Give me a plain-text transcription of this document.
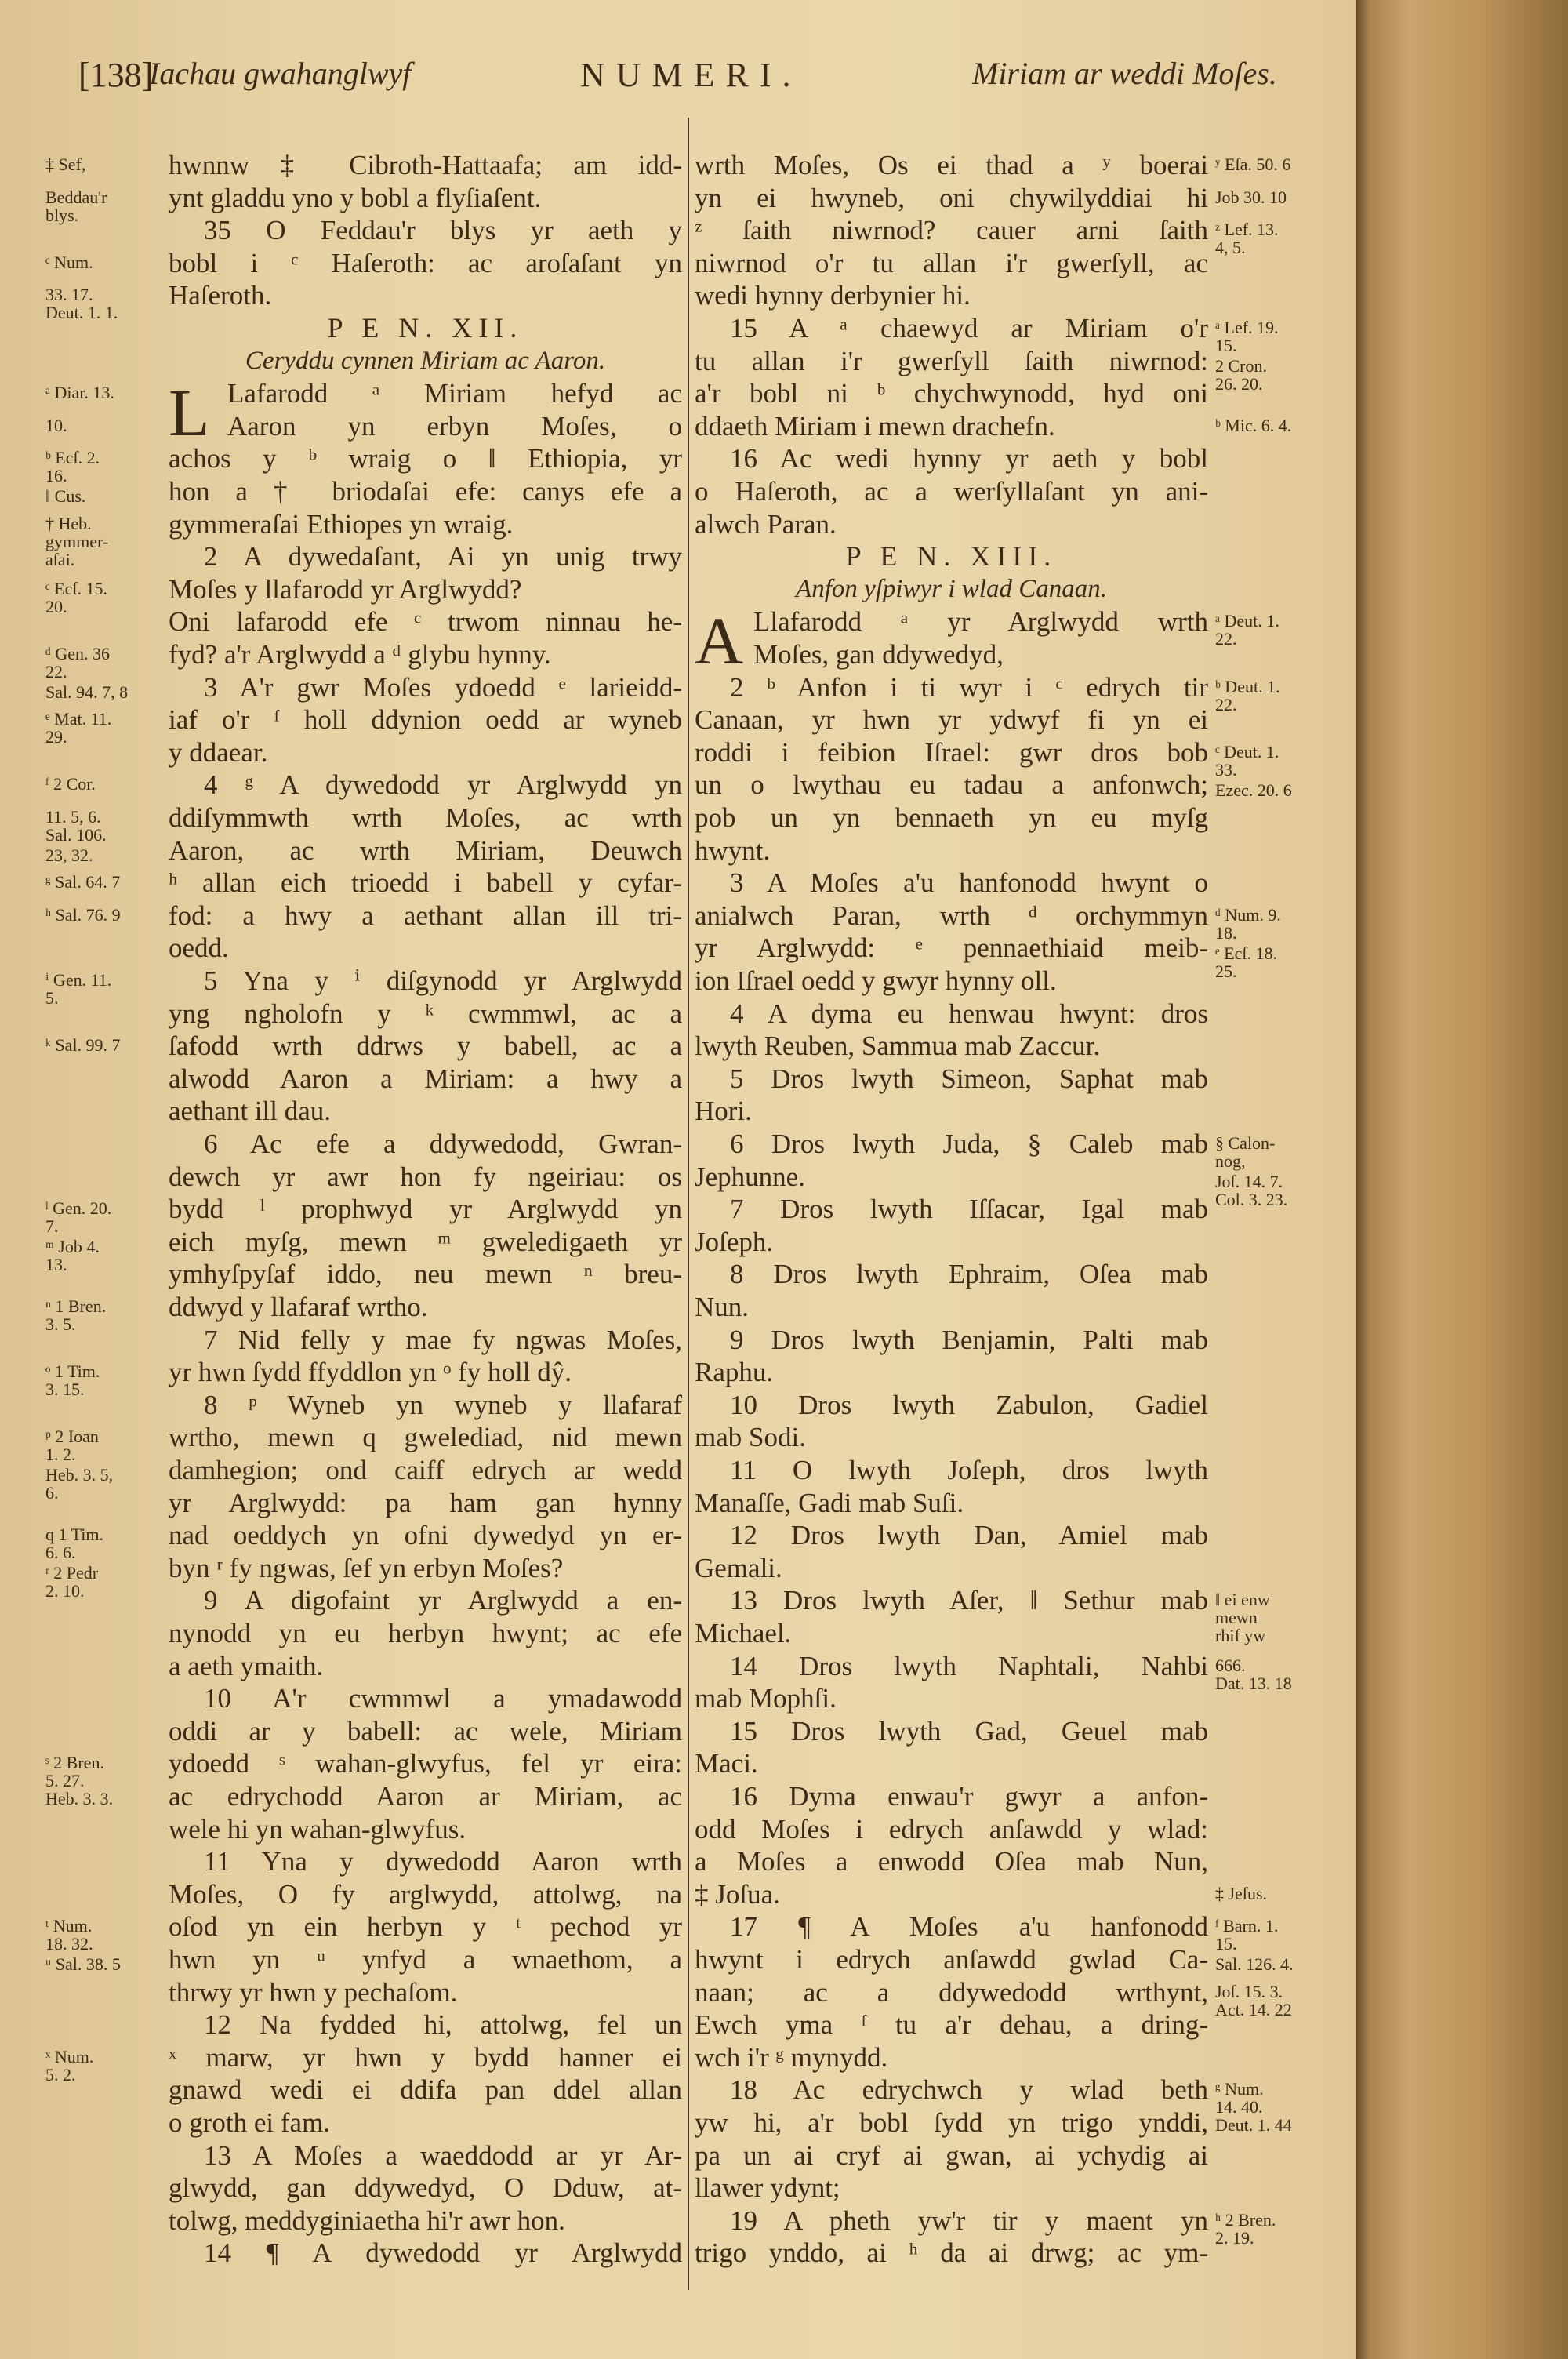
[138]
Iachau gwahanglwyf	NUMERI.	Miriam ar weddi Moſes.
hwnnw ‡ Cibroth-Hattaafa; am idd-
‡ Sef,
ynt gladdu yno y bobl a flyſiaſent.
Beddau'r
blys.
35 O Feddau'r blys yr aeth y
bobl i ᶜ Haſeroth: ac aroſaſant yn
ᶜ Num.
Haſeroth.
33. 17.
Deut. 1. 1.	P E N. XII.
Ceryddu cynnen Miriam ac Aaron.
Lafarodd ᵃ Miriam hefyd ac
L
ᵃ Diar. 13.
Aaron yn erbyn Moſes, o
10.
achos y ᵇ wraig o ‖ Ethiopia, yr
ᵇ Ecſ. 2.
16.
hon a † briodaſai efe: canys efe a
‖ Cus.
gymmeraſai Ethiopes yn wraig.
† Heb.
gymmer-
aſai.	2 A dywedaſant, Ai yn unig trwy
Moſes y llafarodd yr Arglwydd?
ᶜ Ecſ. 15.
20.
Oni lafarodd efe ᶜ trwom ninnau he-
fyd? a'r Arglwydd a ᵈ glybu hynny.
ᵈ Gen. 36
22.
3 A'r gwr Moſes ydoedd ᵉ larieidd-
Sal. 94. 7, 8
iaf o'r ᶠ holl ddynion oedd ar wyneb
ᵉ Mat. 11.
29.
y ddaear.
4 ᵍ A dywedodd yr Arglwydd yn
ᶠ 2 Cor.
ddiſymmwth wrth Moſes, ac wrth
11. 5, 6.
Sal. 106.
Aaron, ac wrth Miriam, Deuwch
23, 32.
ʰ allan eich trioedd i babell y cyfar-
ᵍ Sal. 64. 7
fod: a hwy a aethant allan ill tri-
ʰ Sal. 76. 9
oedd.
5 Yna y ⁱ diſgynodd yr Arglwydd
ⁱ Gen. 11.
5.
yng ngholofn y ᵏ cwmmwl, ac a
ſafodd wrth ddrws y babell, ac a
ᵏ Sal. 99. 7
alwodd Aaron a Miriam: a hwy a
aethant ill dau.
6 Ac efe a ddywedodd, Gwran-
dewch yr awr hon fy ngeiriau: os
bydd ˡ prophwyd yr Arglwydd yn
ˡ Gen. 20.
7.
eich myſg, mewn ᵐ gweledigaeth yr
ᵐ Job 4.
13.	ymhyſpyſaf iddo, neu mewn ⁿ breu-
ddwyd y llafaraf wrtho.
ⁿ 1 Bren.
3. 5.
7 Nid felly y mae fy ngwas Moſes,
yr hwn ſydd ffyddlon yn ᵒ fy holl dŷ.
ᵒ 1 Tim.
3. 15.
8 ᵖ Wyneb yn wyneb y llafaraf
wrtho, mewn q gwelediad, nid mewn
ᵖ 2 Ioan
1. 2.
damhegion; ond caiff edrych ar wedd
Heb. 3. 5,
6.	yr Arglwydd: pa ham gan hynny
nad oeddych yn ofni dywedyd yn er-
q 1 Tim.
6. 6.
byn ʳ fy ngwas, ſef yn erbyn Moſes?
ʳ 2 Pedr
2. 10.	9 A digofaint yr Arglwydd a en-
nynodd yn eu herbyn hwynt; ac efe
a aeth ymaith.
10 A'r cwmmwl a ymadawodd
oddi ar y babell: ac wele, Miriam
ydoedd ˢ wahan-glwyfus, fel yr eira:
ˢ 2 Bren.
5. 27.
Heb. 3. 3.	ac edrychodd Aaron ar Miriam, ac
wele hi yn wahan-glwyfus.
11 Yna y dywedodd Aaron wrth
Moſes, O fy arglwydd, attolwg, na
oſod yn ein herbyn y ᵗ pechod yr
ᵗ Num.
18. 32.
hwn yn ᵘ ynfyd a wnaethom, a
ᵘ Sal. 38. 5
thrwy yr hwn y pechaſom.
12 Na fydded hi, attolwg, fel un
ˣ marw, yr hwn y bydd hanner ei
ˣ Num.
5. 2.
gnawd wedi ei ddifa pan ddel allan
o groth ei fam.
13 A Moſes a waeddodd ar yr Ar-
glwydd, gan ddywedyd, O Dduw, at-
tolwg, meddyginiaetha hi'r awr hon.
14 ¶ A dywedodd yr Arglwydd
wrth Moſes, Os ei thad a ʸ boerai ʸ Eſa. 50. 6
yn ei hwyneb, oni chywilyddiai hi Job 30. 10
ᶻ ſaith niwrnod? cauer arni ſaith ᶻ Lef. 13.
4, 5.
niwrnod o'r tu allan i'r gwerſyll, ac
wedi hynny derbynier hi.
15 A ᵃ chaewyd ar Miriam o'r ᵃ Lef. 19.
15.
tu allan i'r gwerſyll ſaith niwrnod: 2 Cron.
26. 20.
a'r bobl ni ᵇ chychwynodd, hyd oni
ddaeth Miriam i mewn drachefn.	ᵇ Mic. 6. 4.
16 Ac wedi hynny yr aeth y bobl
o Haſeroth, ac a werſyllaſant yn ani-
alwch Paran.
P E N. XIII.
Anfon yſpiwyr i wlad Canaan.
Llafarodd ᵃ yr Arglwydd wrth
A	ᵃ Deut. 1.
22.
Moſes, gan ddywedyd,
2 ᵇ Anfon i ti wyr i ᶜ edrych tir ᵇ Deut. 1.
22.
Canaan, yr hwn yr ydwyf fi yn ei
roddi i feibion Iſrael: gwr dros bob ᶜ Deut. 1.
33.
un o lwythau eu tadau a anfonwch; Ezec. 20. 6
pob un yn bennaeth yn eu myſg
hwynt.
3 A Moſes a'u hanfonodd hwynt o
anialwch Paran, wrth ᵈ orchymmyn ᵈ Num. 9.
18.
yr Arglwydd: ᵉ pennaethiaid meib- ᵉ Ecſ. 18.
25.
ion Iſrael oedd y gwyr hynny oll.
4 A dyma eu henwau hwynt: dros
lwyth Reuben, Sammua mab Zaccur.
5 Dros lwyth Simeon, Saphat mab
Hori.
6 Dros lwyth Juda, § Caleb mab § Calon-
nog,
Jephunne.	Joſ. 14. 7.
Col. 3. 23.
7 Dros lwyth Iſſacar, Igal mab
Joſeph.
8 Dros lwyth Ephraim, Oſea mab
Nun.
9 Dros lwyth Benjamin, Palti mab
Raphu.
10 Dros lwyth Zabulon, Gadiel
mab Sodi.
11 O lwyth Joſeph, dros lwyth
Manaſſe, Gadi mab Suſi.
12 Dros lwyth Dan, Amiel mab
Gemali.
13 Dros lwyth Aſer, ‖ Sethur mab ‖ ei enw
mewn
rhif yw
Michael.
14 Dros lwyth Naphtali, Nahbi 666.
Dat. 13. 18
mab Mophſi.
15 Dros lwyth Gad, Geuel mab
Maci.
16 Dyma enwau'r gwyr a anfon-
odd Moſes i edrych anſawdd y wlad:
a Moſes a enwodd Oſea mab Nun,
‡ Joſua.	‡ Jeſus.
17 ¶ A Moſes a'u hanfonodd ᶠ Barn. 1.
15.
hwynt i edrych anſawdd gwlad Ca- Sal. 126. 4.
naan; ac a ddywedodd wrthynt, Joſ. 15. 3.
Act. 14. 22
Ewch yma ᶠ tu a'r dehau, a dring-
wch i'r ᵍ mynydd.
18 Ac edrychwch y wlad beth ᵍ Num.
14. 40.
Deut. 1. 44
yw hi, a'r bobl ſydd yn trigo ynddi,
pa un ai cryf ai gwan, ai ychydig ai
llawer ydynt;
19 A pheth yw'r tir y maent yn ʰ 2 Bren.
2. 19.
trigo ynddo, ai ʰ da ai drwg; ac ym-
